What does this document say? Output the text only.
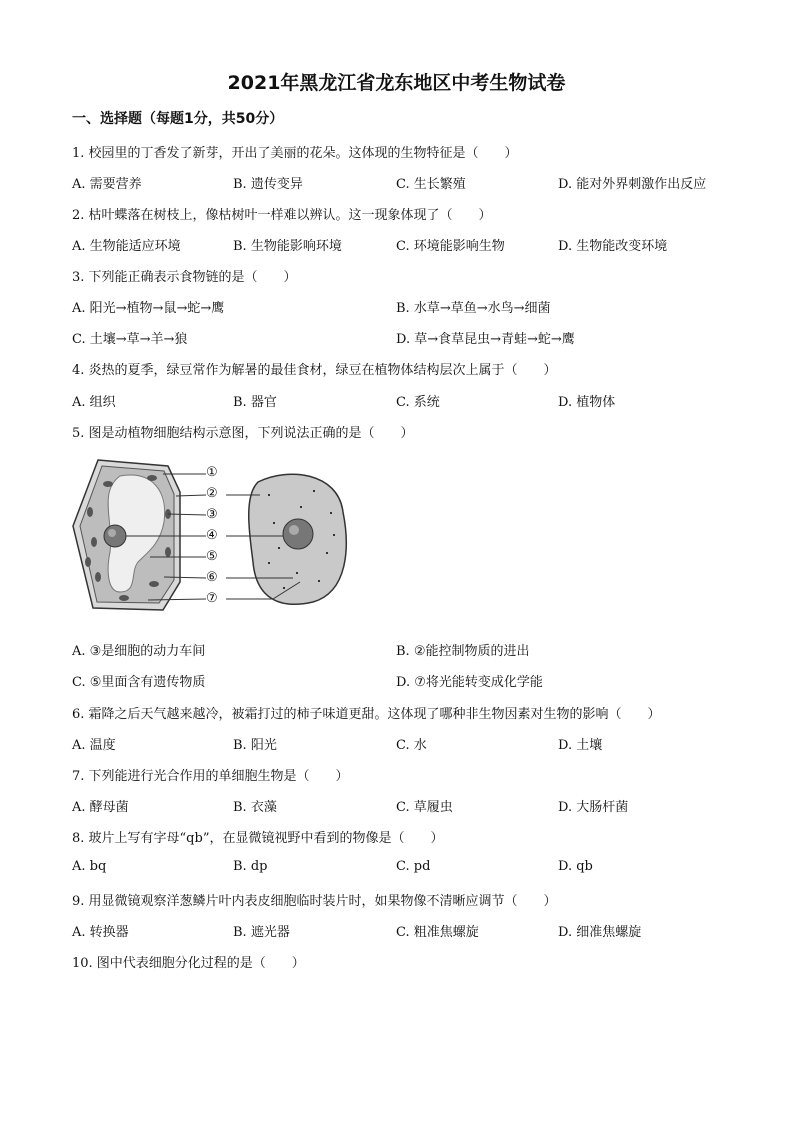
2021年黑龙江省龙东地区中考生物试卷
一、选择题（每题1分，共50分）
1. 校园里的丁香发了新芽，开出了美丽的花朵。这体现的生物特征是（　　）
A. 需要营养	B. 遗传变异	C. 生长繁殖	D. 能对外界刺激作出反应
2. 枯叶蝶落在树枝上，像枯树叶一样难以辨认。这一现象体现了（　　）
A. 生物能适应环境	B. 生物能影响环境	C. 环境能影响生物	D. 生物能改变环境
3. 下列能正确表示食物链的是（　　）
A. 阳光→植物→鼠→蛇→鹰	B. 水草→草鱼→水鸟→细菌
C. 土壤→草→羊→狼	D. 草→食草昆虫→青蛙→蛇→鹰
4. 炎热的夏季，绿豆常作为解暑的最佳食材，绿豆在植物体结构层次上属于（　　）
A. 组织	B. 器官	C. 系统	D. 植物体
5. 图是动植物细胞结构示意图，下列说法正确的是（　　）
①
②
③
④
⑤
⑥
⑦
A. ③是细胞的动力车间	B. ②能控制物质的进出
C. ⑤里面含有遗传物质	D. ⑦将光能转变成化学能
6. 霜降之后天气越来越冷，被霜打过的柿子味道更甜。这体现了哪种非生物因素对生物的影响（　　）
A. 温度	B. 阳光	C. 水	D. 土壤
7. 下列能进行光合作用的单细胞生物是（　　）
A. 酵母菌	B. 衣藻	C. 草履虫	D. 大肠杆菌
8. 玻片上写有字母“qb”，在显微镜视野中看到的物像是（　　）
A. bq	B. dp	C. pd	D. qb
9. 用显微镜观察洋葱鳞片叶内表皮细胞临时装片时，如果物像不清晰应调节（　　）
A. 转换器	B. 遮光器	C. 粗准焦螺旋	D. 细准焦螺旋
10. 图中代表细胞分化过程的是（　　）
